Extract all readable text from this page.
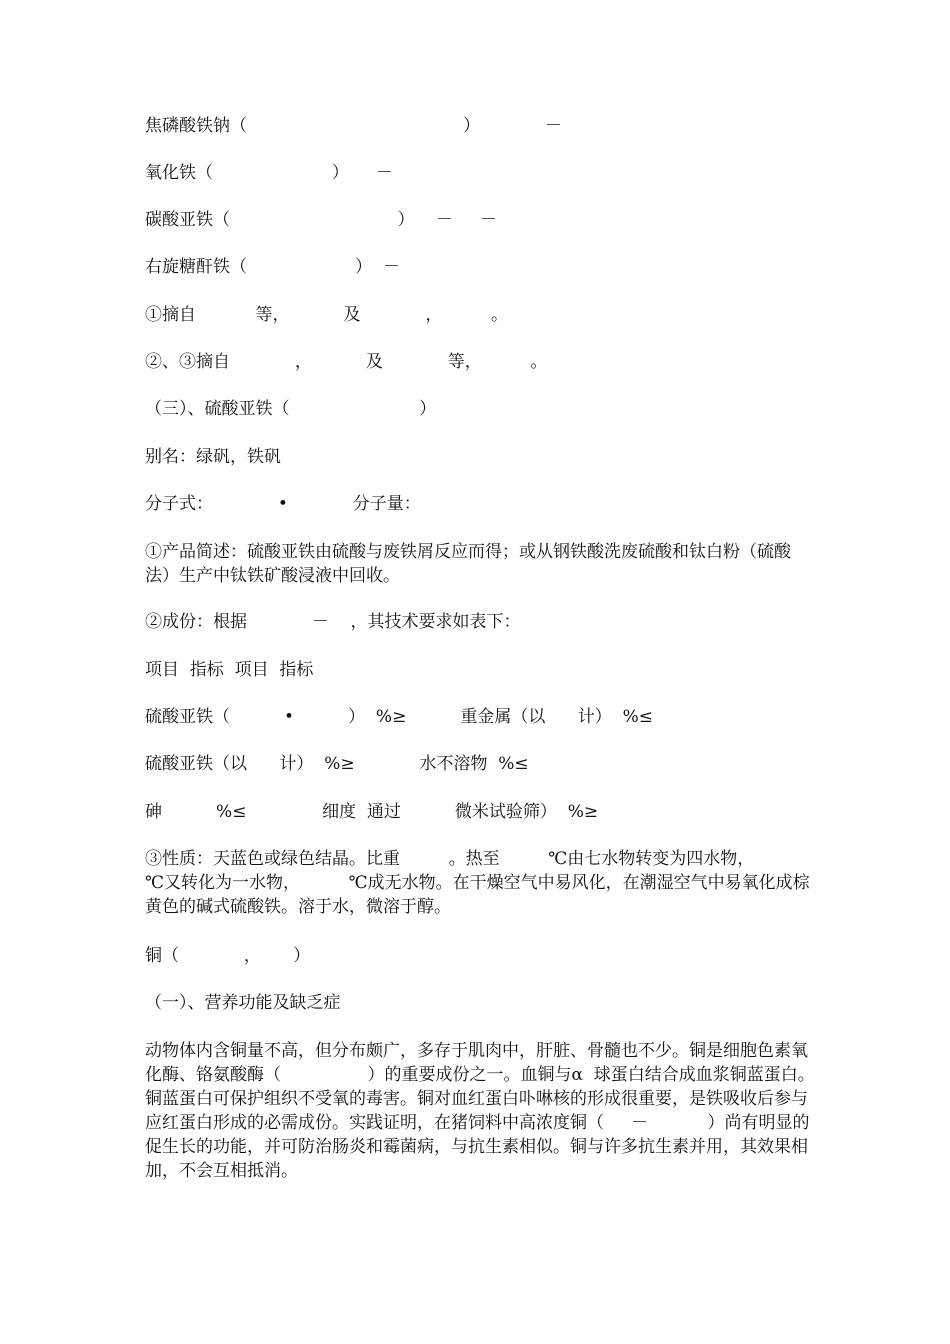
焦磷酸铁钠（                                        ）            －
氧化铁（                      ）     －
碳酸亚铁（                               ）    －     －
右旋糖酐铁（                    ）  －
①摘自           等，          及            ，         。
②、③摘自            ，          及            等，         。
（三）、硫酸亚铁（                        ）
别名：绿矾，铁矾
分子式：            •            分子量：
①产品简述：硫酸亚铁由硫酸与废铁屑反应而得；或从钢铁酸洗废硫酸和钛白粉（硫酸法）生产中钛铁矿酸浸液中回收。
②成份：根据            －    ，其技术要求如表下：
项目  指标  项目  指标
硫酸亚铁（          •          ）  %≥          重金属（以      计）  %≤
硫酸亚铁（以      计）  %≥            水不溶物  %≤
砷          %≤              细度  通过          微米试验筛）  %≥
③性质：天蓝色或绿色结晶。比重         。热至         ℃由七水物转变为四水物，         ℃又转化为一水物，         ℃成无水物。在干燥空气中易风化，在潮湿空气中易氧化成棕黄色的碱式硫酸铁。溶于水，微溶于醇。
铜（            ，      ）
（一）、营养功能及缺乏症
动物体内含铜量不高，但分布颇广，多存于肌肉中，肝脏、骨髓也不少。铜是细胞色素氧化酶、铬氨酸酶（                ）的重要成份之一。血铜与α  球蛋白结合成血浆铜蓝蛋白。铜蓝蛋白可保护组织不受氧的毒害。铜对血红蛋白卟啉核的形成很重要，是铁吸收后参与应红蛋白形成的必需成份。实践证明，在猪饲料中高浓度铜（     －           ）尚有明显的促生长的功能，并可防治肠炎和霉菌病，与抗生素相似。铜与许多抗生素并用，其效果相加，不会互相抵消。
